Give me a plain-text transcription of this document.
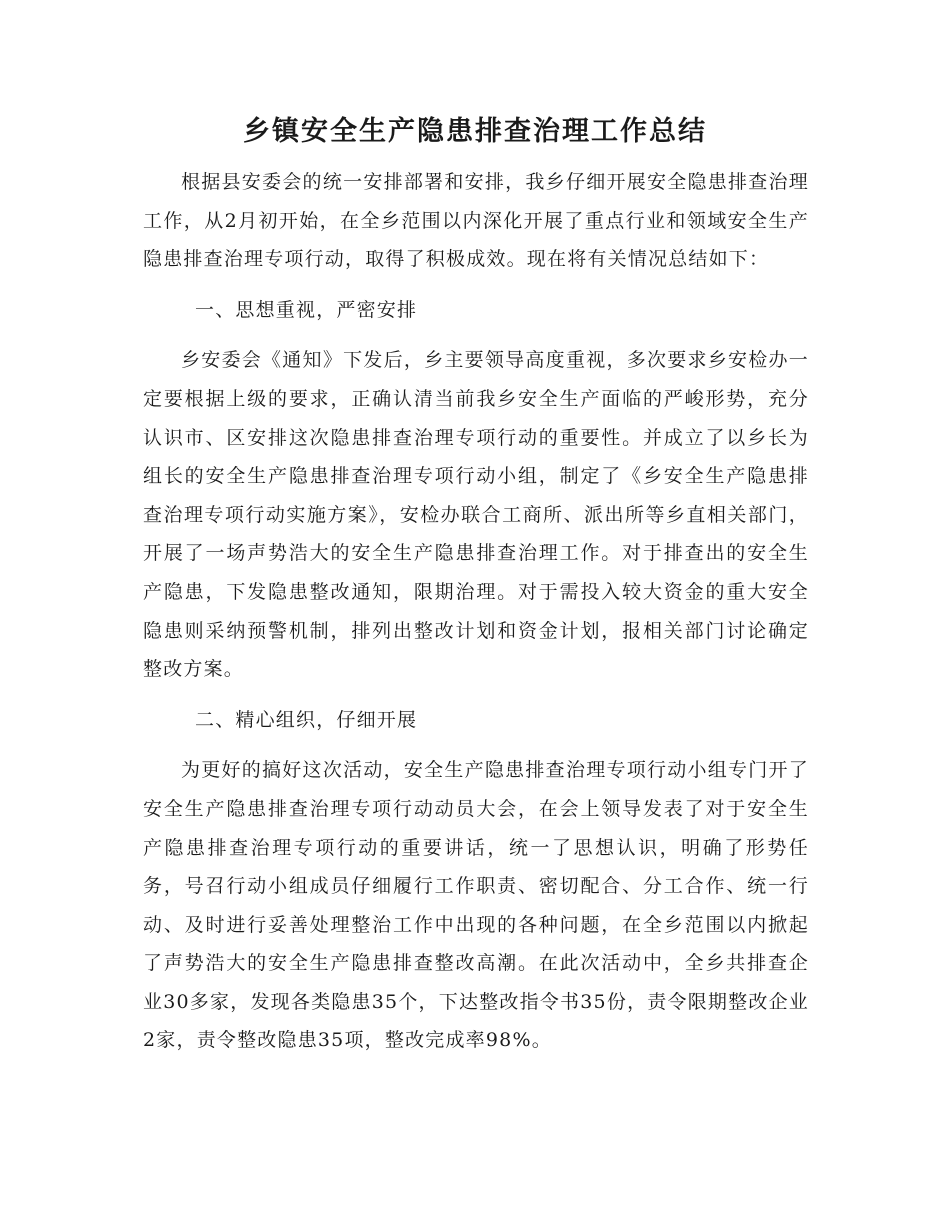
乡镇安全生产隐患排查治理工作总结

根据县安委会的统一安排部署和安排，我乡仔细开展安全隐患排查治理工作，从2月初开始，在全乡范围以内深化开展了重点行业和领域安全生产隐患排查治理专项行动，取得了积极成效。现在将有关情况总结如下：

一、思想重视，严密安排

乡安委会《通知》下发后，乡主要领导高度重视，多次要求乡安检办一定要根据上级的要求，正确认清当前我乡安全生产面临的严峻形势，充分认识市、区安排这次隐患排查治理专项行动的重要性。并成立了以乡长为组长的安全生产隐患排查治理专项行动小组，制定了《乡安全生产隐患排查治理专项行动实施方案》，安检办联合工商所、派出所等乡直相关部门，开展了一场声势浩大的安全生产隐患排查治理工作。对于排查出的安全生产隐患，下发隐患整改通知，限期治理。对于需投入较大资金的重大安全隐患则采纳预警机制，排列出整改计划和资金计划，报相关部门讨论确定整改方案。

二、精心组织，仔细开展

为更好的搞好这次活动，安全生产隐患排查治理专项行动小组专门开了安全生产隐患排查治理专项行动动员大会，在会上领导发表了对于安全生产隐患排查治理专项行动的重要讲话，统一了思想认识，明确了形势任务，号召行动小组成员仔细履行工作职责、密切配合、分工合作、统一行动、及时进行妥善处理整治工作中出现的各种问题，在全乡范围以内掀起了声势浩大的安全生产隐患排查整改高潮。在此次活动中，全乡共排查企业30多家，发现各类隐患35个，下达整改指令书35份，责令限期整改企业2家，责令整改隐患35项，整改完成率98%。
